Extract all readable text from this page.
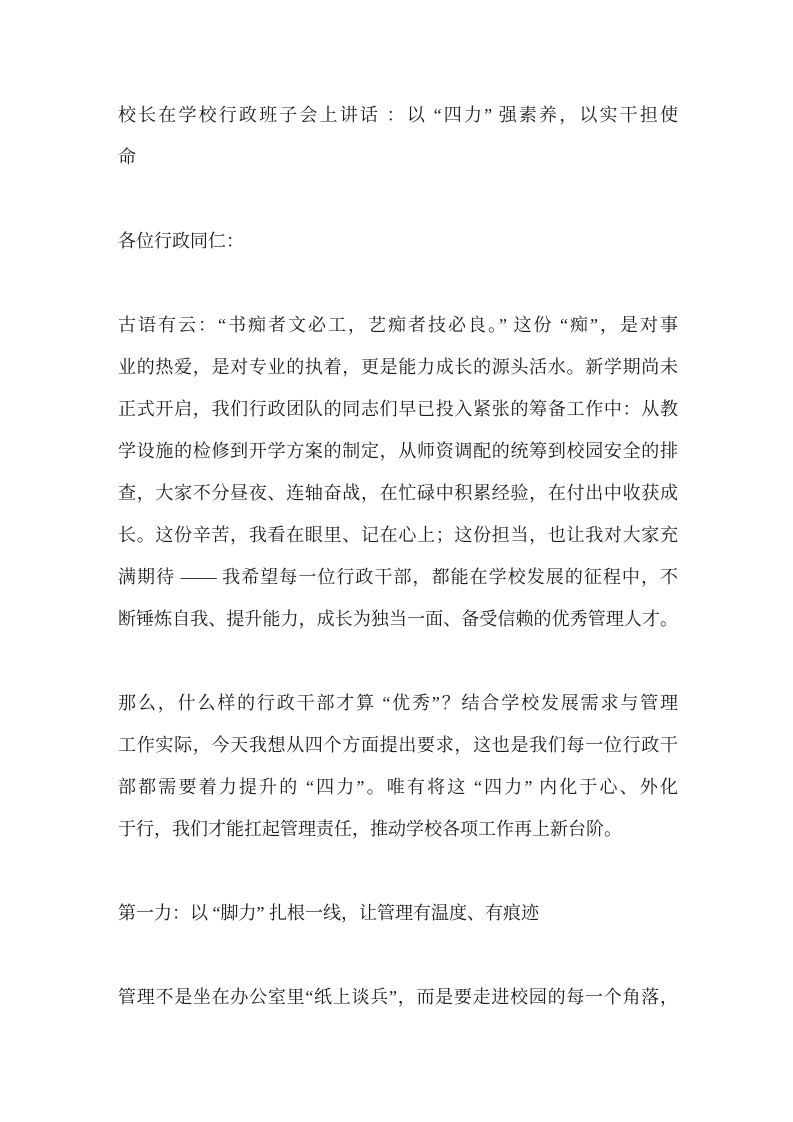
校长在学校行政班子会上讲话 ：以 “四力” 强素养，以实干担使
命
各位行政同仁：
古语有云：“书痴者文必工，艺痴者技必良。” 这份 “痴”，是对事
业的热爱，是对专业的执着，更是能力成长的源头活水。新学期尚未
正式开启，我们行政团队的同志们早已投入紧张的筹备工作中：从教
学设施的检修到开学方案的制定，从师资调配的统筹到校园安全的排
查，大家不分昼夜、连轴奋战，在忙碌中积累经验，在付出中收获成
长。这份辛苦，我看在眼里、记在心上；这份担当，也让我对大家充
满期待 —— 我希望每一位行政干部，都能在学校发展的征程中，不
断锤炼自我、提升能力，成长为独当一面、备受信赖的优秀管理人才。
那么，什么样的行政干部才算 “优秀”？结合学校发展需求与管理
工作实际，今天我想从四个方面提出要求，这也是我们每一位行政干
部都需要着力提升的 “四力”。唯有将这 “四力” 内化于心、外化
于行，我们才能扛起管理责任，推动学校各项工作再上新台阶。
第一力：以 “脚力” 扎根一线，让管理有温度、有痕迹
管理不是坐在办公室里“纸上谈兵”，而是要走进校园的每一个角落，
